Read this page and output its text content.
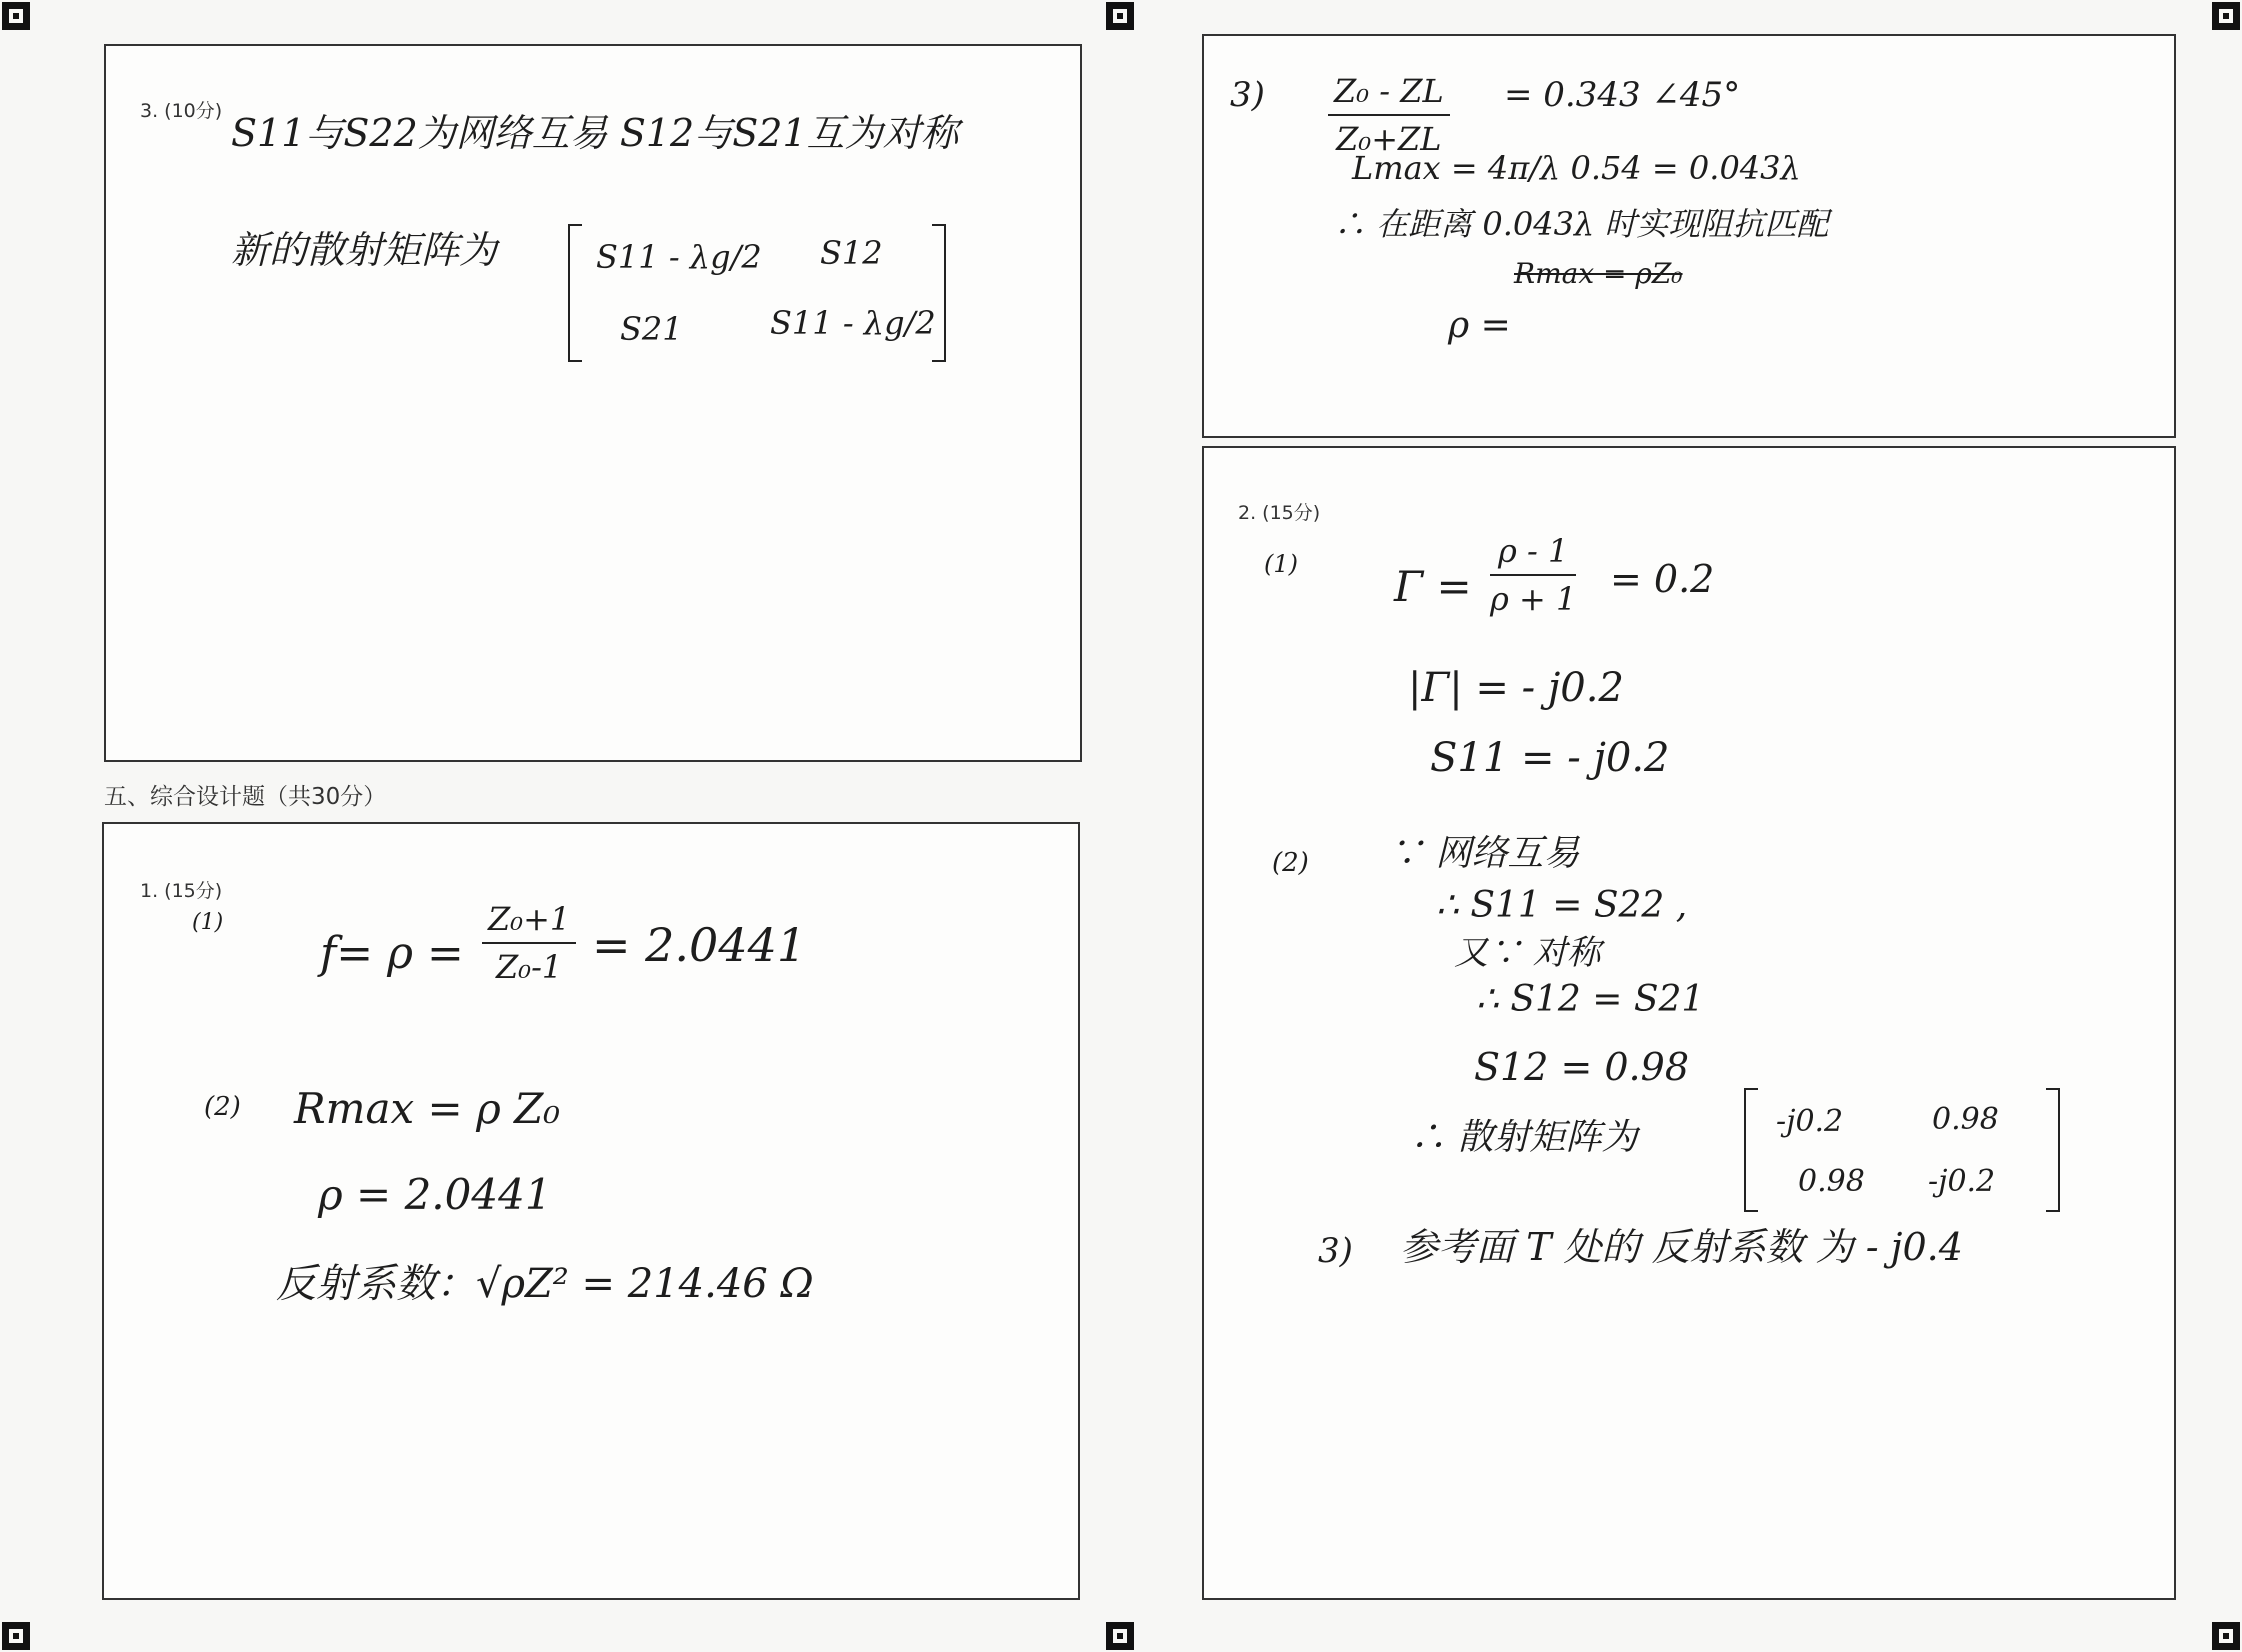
3. (10分) S11与S22为网络互易 S12与S21互为对称
新的散射矩阵为	S11 - λg/2 S12
S21	S11 - λg/2
五、综合设计题（共30分）
1. (15分)
(1)
$f= \rho = \frac{\text{Z₀+1}}{\text{Z₀-1}} = 2.0441$
(2) Rmax = ρ Z₀
ρ = 2.0441
反射系数：√ρZ² = 214.46 Ω
$3) \frac{\text{Z₀ - ZL}}{\text{Z₀+ZL}} = 0.343$ ∠45°
Lmax = 4π/λ 0.54 = 0.043λ
∴ 在距离 0.043λ 时实现阻抗匹配
Rmax = ρZ₀
ρ =
2. (15分)
(1) $\Gamma = \frac{\rho - 1}{\rho + 1} = 0.2$
|Γ| = - j0.2
S11 = - j0.2
(2) ∵ 网络互易
∴ S11 = S22 ,
又∵ 对称
∴ S12 = S21
S12 = 0.98
∴ 散射矩阵为	-j0.2	0.98
0.98 -j0.2
3) 参考面 T 处的 反射系数 为 - j0.4
